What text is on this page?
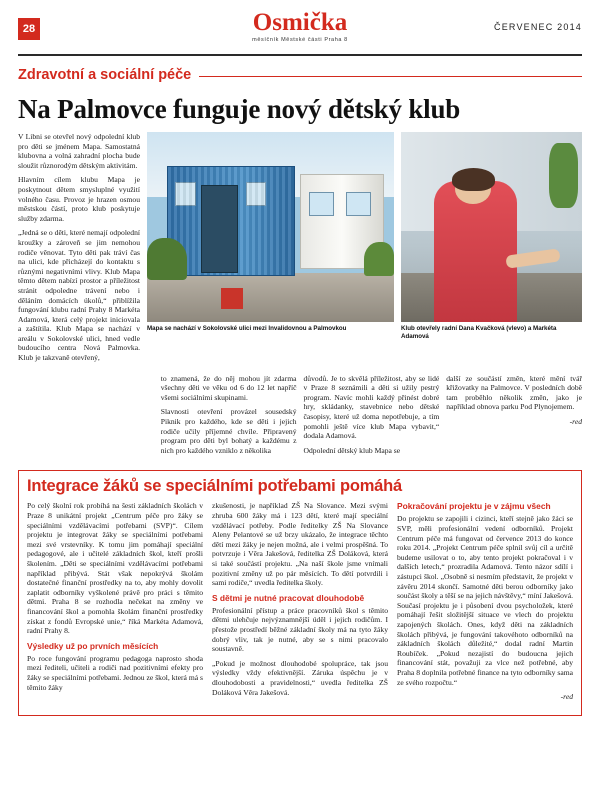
28	Osmička
měsíčník Městské části Praha 8
ČERVENEC 2014
Zdravotní a sociální péče
Na Palmovce funguje nový dětský klub

V Libni se otevřel nový odpolední klub pro děti se jménem Mapa. Samostatná klubovna a volná zahradní plocha bude sloužit různorodým dětským aktivitám.

Hlavním cílem klubu Mapa je poskytnout dětem smysluplné využití volného času. Provoz je hrazen osmou městskou částí, proto klub poskytuje služby zdarma.

„Jedná se o děti, které nemají odpolední kroužky a zároveň se jim nemohou rodiče věnovat. Tyto děti pak tráví čas na ulici, kde přicházejí do kontaktu s různými negativními vlivy. Klub Mapa těmto dětem nabízí prostor a příležitost stránit odpoledne trávení nebo i děláním domácích úkolů,“ přiblížila fungování klubu radní Prahy 8 Markéta Adamová, která celý projekt iniciovala a zaštítila. Klub Mapa se nachází v areálu v Sokolovské ulici, hned vedle budoucího centra Nová Palmovka. Klub je takzvaně otevřený,

Mapa se nachází v Sokolovské ulici mezi Invalidovnou a Palmovkou	Klub otevřely radní Dana Kvačková (vlevo) a Markéta Adamová

to znamená, že do něj mohou jít zdarma všechny děti ve věku od 6 do 12 let napříč všemi sociálními skupinami.

Slavnosti otevření provázel sousedský Piknik pro každého, kde se děti i jejich rodiče učily příjemné chvíle. Připravený program pro děti byl bohatý a každému z nich pro každého vzniklo z několika

důvodů. Je to skvělá příležitost, aby se lidé v Praze 8 seznámili a děti si užily pestrý program. Navíc mohli každý přinést dobré hry, skládanky, stavebnice nebo dětské časopisy, které už doma nepotřebuje, a tím pomohli ještě více klub Mapa vybavit,“ dodala Adamová.

Odpolední dětský klub Mapa se

další ze součástí změn, které mění tvář křižovatky na Palmovce. V posledních době tam proběhlo několik změn, jako je například obnova parku Pod Plynojemem.

-red

Integrace žáků se speciálními potřebami pomáhá

Po celý školní rok probíhá na šesti základních školách v Praze 8 unikátní projekt „Centrum péče pro žáky se speciálními vzdělávacími potřebami (SVP)“. Cílem projektu je integrovat žáky se speciálními potřebami mezi své vrstevníky. K tomu jim pomáhají speciální pedagogové, ale i učitelé základních škol, kteří prošli školením. „Děti se speciálními vzdělávacími potřebami například přibývá. Stát však nepokrývá školám dostatečné finanční prostředky na to, aby mohly dovolit zaplatit odborníky vyškolené právě pro práci s těmito dětmi. Praha 8 se rozhodla nečekat na změny ve financování škol a pomohla školám finanční prostředky získat z fondů Evropské unie,“ říká Markéta Adamová, radní Prahy 8.

Výsledky už po prvních měsících

Po roce fungování programu pedagoga naprosto shoda mezi řediteli, učiteli a rodiči nad pozitivními efekty pro žáky se speciálními potřebami. Jednou ze škol, která má s těmito žáky

zkušenosti, je například ZŠ Na Slovance. Mezi svými zhruba 600 žáky má i 123 dětí, které mají speciální vzdělávací potřeby. Podle ředitelky ZŠ Na Slovance Aleny Pelantové se už brzy ukázalo, že integrace těchto dětí mezi žáky je nejen možná, ale i velmi prospěšná. To potvrzuje i Věra Jakešová, ředitelka ZŠ Doláková, která si také součástí projektu. „Na naší škole jsme vnímali pozitivní změny už po pár měsících. To dětí potvrdili i sami rodiče,“ uvedla ředitelka školy.

S dětmi je nutné pracovat dlouhodobě

Profesionální přístup a práce pracovníků škol s těmito dětmi ulehčuje nejvýznamnější úděl i jejich rodičům. I přestože prostředí běžné základní školy má na tyto žáky dobrý vliv, tak je nutné, aby se s nimi pracovalo soustavně.

„Pokud je možnost dlouhodobé spolupráce, tak jsou výsledky vždy efektivnější. Záruka úspěchu je v dlouhodobosti a pravidelnosti,“ uvedla ředitelka ZŠ Doláková Věra Jakešová.

Pokračování projektu je v zájmu všech

Do projektu se zapojili i cizinci, kteří stejně jako žáci se SVP, měli profesionální vedení odborníků. Projekt Centrum péče má fungovat od července 2013 do konce roku 2014. „Projekt Centrum péče splnil svůj cíl a určitě budeme usilovat o to, aby tento projekt pokračoval i v dalších letech,“ prozradila Adamová. Tento názor sdílí i zástupci škol. „Osobně si nesmím představit, že projekt v závěru 2014 skončí. Samotné děti berou odborníky jako součást školy a těší se na jejich návštěvy,“ míní Jakešová. Současí projektu je i působení dvou psycholožek, které pomáhají řešit složitější situace ve vlech do projektu zapojených školách. Ones, když děti na základních školách přibývá, je fungování takovéhoto odborníků na základních školách důležité,“ dodal radní Martin Roubíček. „Pokud nezajistí do budoucna jejich financování stát, považuji za vlce než potřebné, aby Praha 8 doplnila potřebné finance na tyto odborníky sama ze svého rozpočtu.“

-red
